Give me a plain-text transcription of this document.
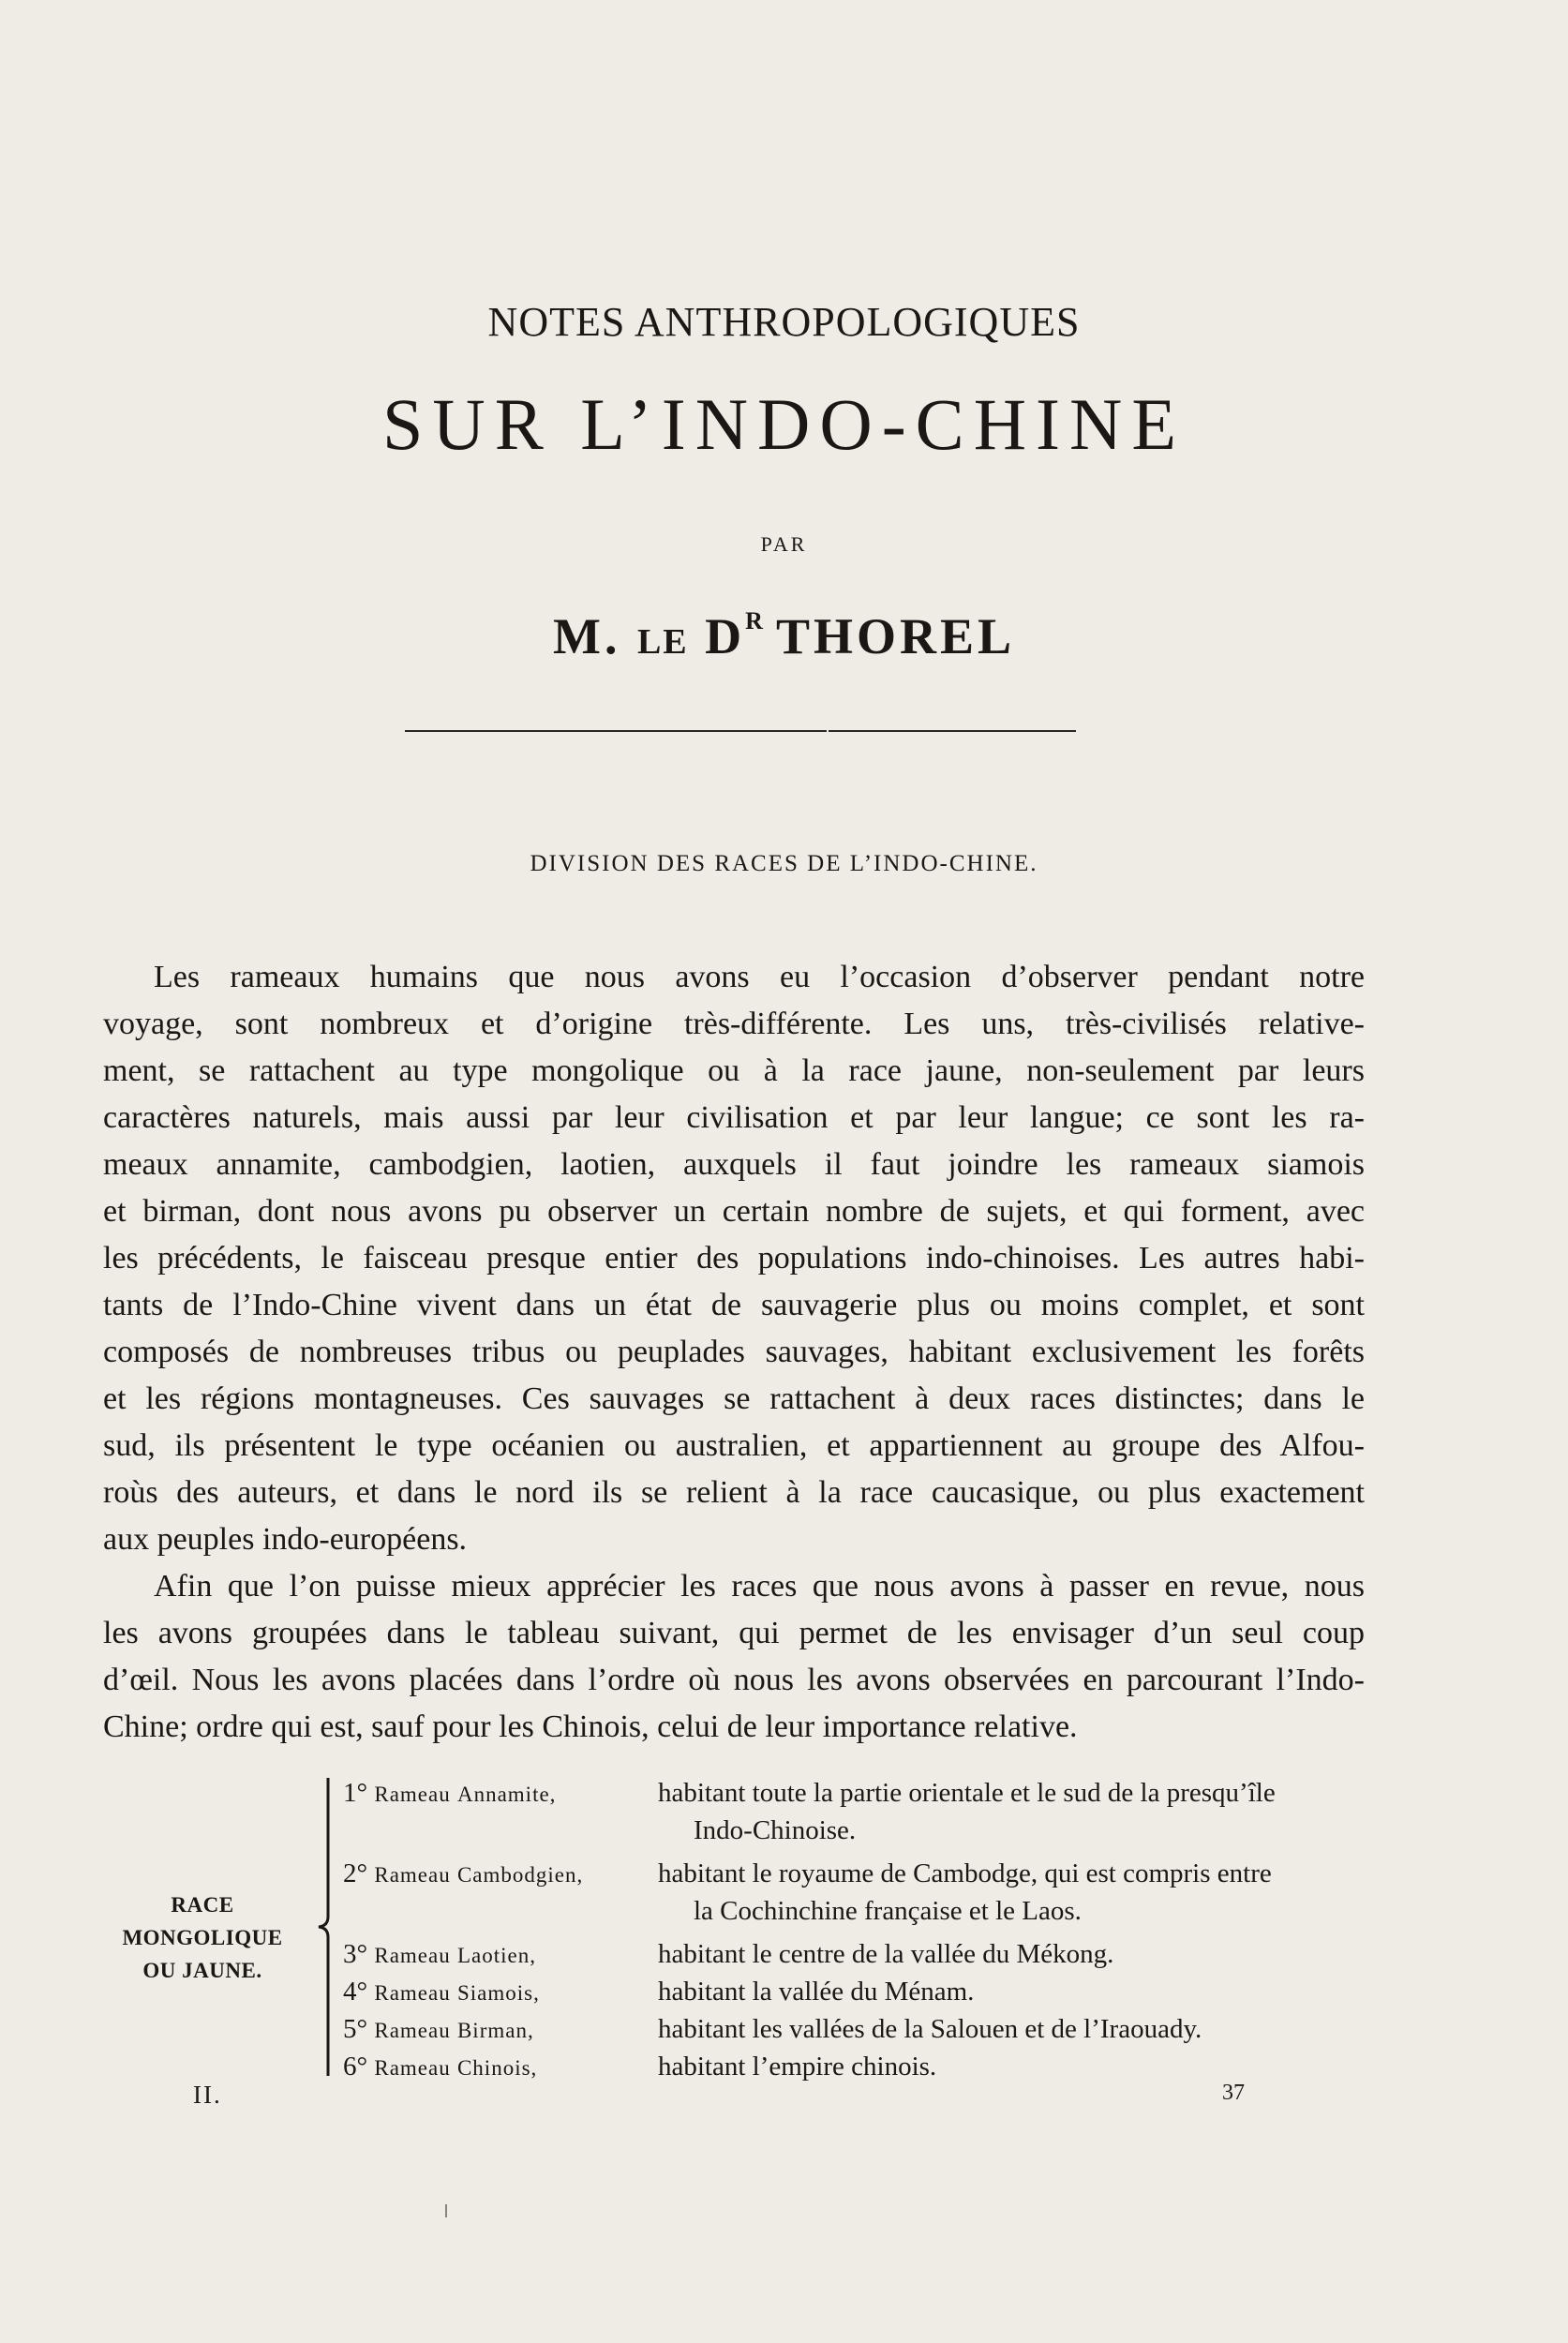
NOTES ANTHROPOLOGIQUES
SUR L’INDO-CHINE
PAR
M. LE $D^R$ THOREL
DIVISION DES RACES DE L’INDO-CHINE.
Les rameaux humains que nous avons eu l’occasion d’observer pendant notre
voyage, sont nombreux et d’origine très-différente. Les uns, très-civilisés relative-
ment, se rattachent au type mongolique ou à la race jaune, non-seulement par leurs
caractères naturels, mais aussi par leur civilisation et par leur langue; ce sont les ra-
meaux annamite, cambodgien, laotien, auxquels il faut joindre les rameaux siamois
et birman, dont nous avons pu observer un certain nombre de sujets, et qui forment, avec
les précédents, le faisceau presque entier des populations indo-chinoises. Les autres habi-
tants de l’Indo-Chine vivent dans un état de sauvagerie plus ou moins complet, et sont
composés de nombreuses tribus ou peuplades sauvages, habitant exclusivement les forêts
et les régions montagneuses. Ces sauvages se rattachent à deux races distinctes; dans le
sud, ils présentent le type océanien ou australien, et appartiennent au groupe des Alfou-
roùs des auteurs, et dans le nord ils se relient à la race caucasique, ou plus exactement
aux peuples indo-européens.
Afin que l’on puisse mieux apprécier les races que nous avons à passer en revue, nous
les avons groupées dans le tableau suivant, qui permet de les envisager d’un seul coup
d’œil. Nous les avons placées dans l’ordre où nous les avons observées en parcourant l’Indo-
Chine; ordre qui est, sauf pour les Chinois, celui de leur importance relative.
RACE MONGOLIQUE
OU JAUNE.
1° Rameau Annamite,	habitant toute la partie orientale et le sud de la presqu’île
Indo-Chinoise.
2° Rameau Cambodgien,	habitant le royaume de Cambodge, qui est compris entre
la Cochinchine française et le Laos.
3° Rameau Laotien,	habitant le centre de la vallée du Mékong.
4° Rameau Siamois,	habitant la vallée du Ménam.
5° Rameau Birman,	habitant les vallées de la Salouen et de l’Iraouady.
6° Rameau Chinois,	habitant l’empire chinois.
II.	37
